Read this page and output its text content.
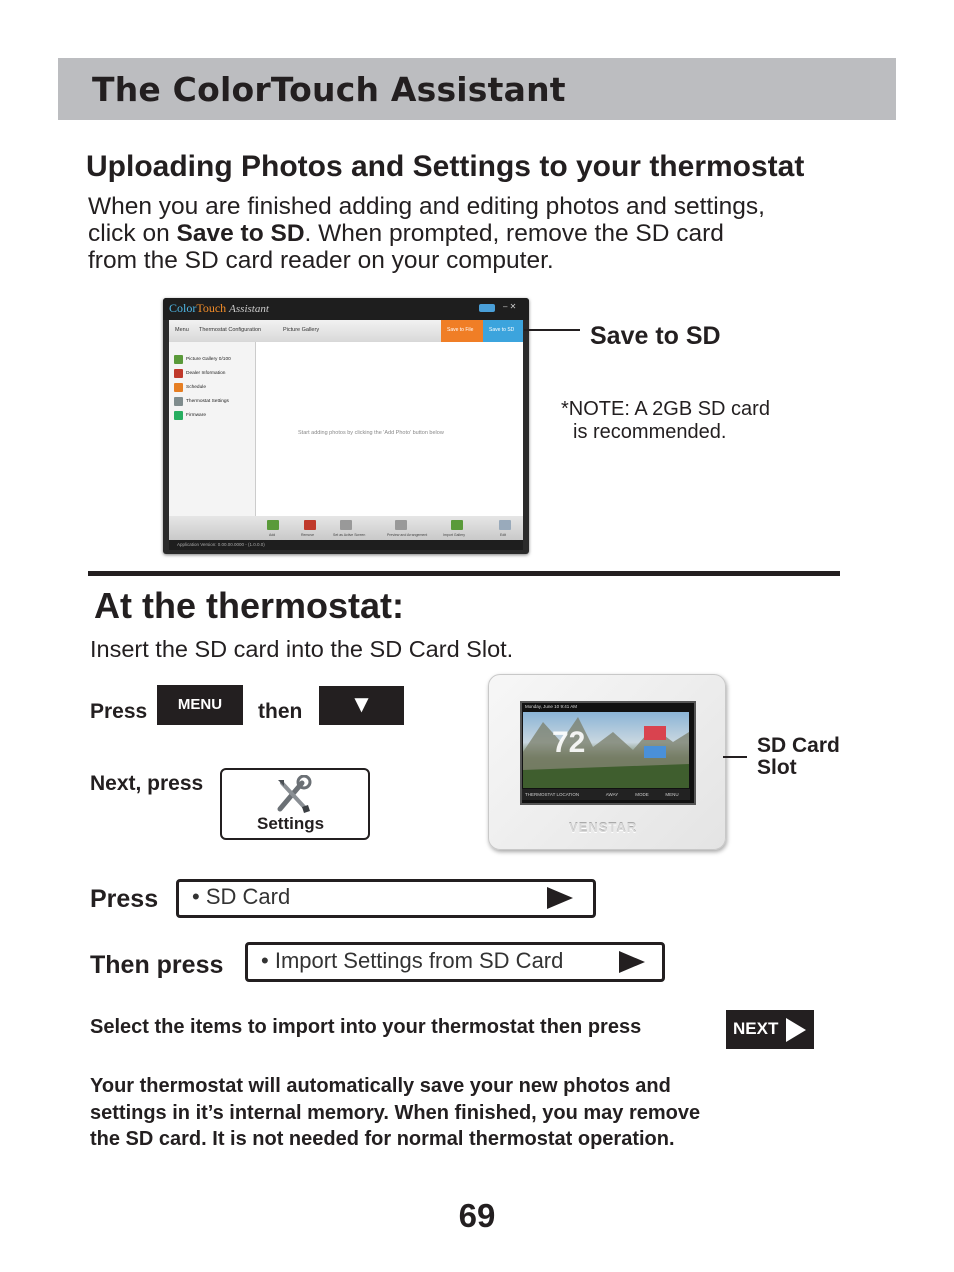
The ColorTouch Assistant
Uploading Photos and Settings to your thermostat
When you are finished adding and editing photos and settings,
click on Save to SD. When prompted, remove the SD card
from the SD card reader on your computer.
ColorTouch Assistant	– ✕
Menu Thermostat Configuration	Picture Gallery	Save to File	Save to SD
Picture Gallery 0/100
Dealer Information
Schedule
Thermostat Settings
Firmware
Start adding photos by clicking the 'Add Photo' button below
Add	Remove	Set as Active Screen	Preview and Arrangement	Import Gallery	Edit
Application Version: 0.00.00.0000 - (1.0.0.0)
Save to SD
*NOTE: A 2GB SD card
is recommended.
At the thermostat:
Insert the SD card into the SD Card Slot.
Press	MENU	then	▼
Next, press
Settings
Monday, June 10 9:41 AM
72
THERMOSTAT LOCATION	AWAY	MODE	MENU
VENSTAR
SD Card
Slot
Press • SD Card
Then press • Import Settings from SD Card
Select the items to import into your thermostat then press	NEXT
Your thermostat will automatically save your new photos and
settings in it’s internal memory. When finished, you may remove
the SD card. It is not needed for normal thermostat operation.
69
